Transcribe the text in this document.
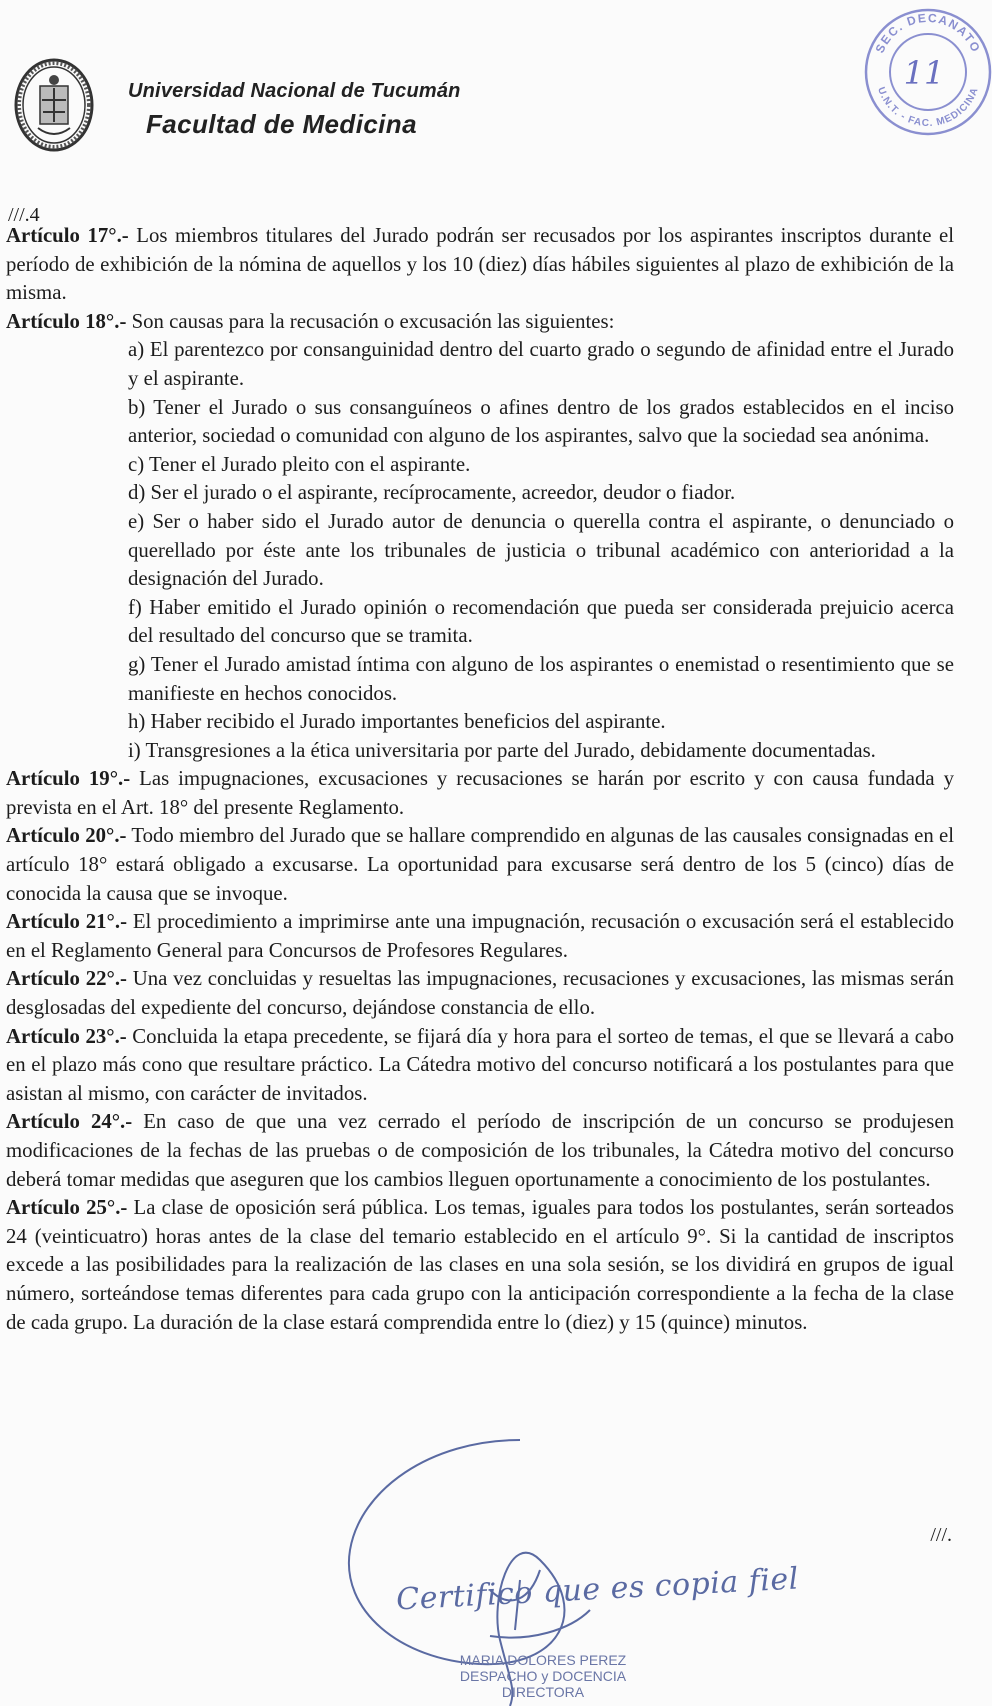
Universidad Nacional de Tucumán
Facultad de Medicina
SEC. DECANATO
U.N.T. - FAC. MEDICINA
11
///.4

Artículo 17°.- Los miembros titulares del Jurado podrán ser recusados por los aspirantes inscriptos durante el período de exhibición de la nómina de aquellos y los 10 (diez) días hábiles siguientes al plazo de exhibición de la misma.

Artículo 18°.- Son causas para la recusación o excusación las siguientes:

a) El parentezco por consanguinidad dentro del cuarto grado o segundo de afinidad entre el Jurado y el aspirante.

b) Tener el Jurado o sus consanguíneos o afines dentro de los grados establecidos en el inciso anterior, sociedad o comunidad con alguno de los aspirantes, salvo que la sociedad sea anónima.

c) Tener el Jurado pleito con el aspirante.

d) Ser el jurado o el aspirante, recíprocamente, acreedor, deudor o fiador.

e) Ser o haber sido el Jurado autor de denuncia o querella contra el aspirante, o denunciado o querellado por éste ante los tribunales de justicia o tribunal académico con anterioridad a la designación del Jurado.

f) Haber emitido el Jurado opinión o recomendación que pueda ser considerada prejuicio acerca del resultado del concurso que se tramita.

g) Tener el Jurado amistad íntima con alguno de los aspirantes o enemistad o resentimiento que se manifieste en hechos conocidos.

h) Haber recibido el Jurado importantes beneficios del aspirante.

i) Transgresiones a la ética universitaria por parte del Jurado, debidamente documentadas.

Artículo 19°.- Las impugnaciones, excusaciones y recusaciones se harán por escrito y con causa fundada y prevista en el Art. 18° del presente Reglamento.

Artículo 20°.- Todo miembro del Jurado que se hallare comprendido en algunas de las causales consignadas en el artículo 18° estará obligado a excusarse. La oportunidad para excusarse será dentro de los 5 (cinco) días de conocida la causa que se invoque.

Artículo 21°.- El procedimiento a imprimirse ante una impugnación, recusación o excusación será el establecido en el Reglamento General para Concursos de Profesores Regulares.

Artículo 22°.- Una vez concluidas y resueltas las impugnaciones, recusaciones y excusaciones, las mismas serán desglosadas del expediente del concurso, dejándose constancia de ello.

Artículo 23°.- Concluida la etapa precedente, se fijará día y hora para el sorteo de temas, el que se llevará a cabo en el plazo más cono que resultare práctico. La Cátedra motivo del concurso notificará a los postulantes para que asistan al mismo, con carácter de invitados.

Artículo 24°.- En caso de que una vez cerrado el período de inscripción de un concurso se produjesen modificaciones de la fechas de las pruebas o de composición de los tribunales, la Cátedra motivo del concurso deberá tomar medidas que aseguren que los cambios lleguen oportunamente a conocimiento de los postulantes.

Artículo 25°.- La clase de oposición será pública. Los temas, iguales para todos los postulantes, serán sorteados 24 (veinticuatro) horas antes de la clase del temario establecido en el artículo 9°. Si la cantidad de inscriptos excede a las posibilidades para la realización de las clases en una sola sesión, se los dividirá en grupos de igual número, sorteándose temas diferentes para cada grupo con la anticipación correspondiente a la fecha de la clase de cada grupo. La duración de la clase estará comprendida entre lo (diez) y 15 (quince) minutos.

///.
Certifico que es copia fiel
MARIA DOLORES PEREZ
DESPACHO y DOCENCIA
DIRECTORA
